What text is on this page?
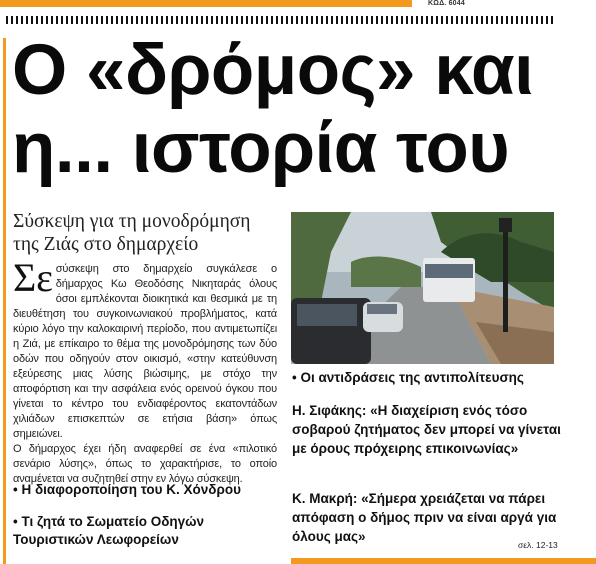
ΚΩΔ. 6044
Ο «δρόμος» και
η... ιστορία του
Σύσκεψη για τη μονοδρόμηση της Ζιάς στο δημαρχείο

Σε σύσκεψη στο δημαρχείο συγκάλεσε ο δήμαρχος Κω Θεοδόσης Νικηταράς όλους όσοι εμπλέκονται διοικητικά και θεσμικά με τη διευθέτηση του συγκοινωνιακού προβλήματος, κατά κύριο λόγο την καλοκαιρινή περίοδο, που αντιμετωπίζει η Ζιά, με επίκαιρο το θέμα της μονοδρόμησης των δύο οδών που οδηγούν στον οικισμό, «στην κατεύθυνση εξεύρεσης μιας λύσης βιώσιμης, με στόχο την αποφόρτιση και την ασφάλεια ενός ορεινού όγκου που γίνεται το κέντρο του ενδιαφέροντος εκατοντάδων χιλιάδων επισκεπτών σε ετήσια βάση» όπως σημειώνει.

Ο δήμαρχος έχει ήδη αναφερθεί σε ένα «πιλοτικό σενάριο λύσης», όπως το χαρακτήρισε, το οποίο αναμένεται να συζητηθεί στην εν λόγω σύσκεψη.

• Η διαφοροποίηση του Κ. Χόνδρου
• Τι ζητά το Σωματείο Οδηγών Τουριστικών Λεωφορείων
• Οι αντιδράσεις της αντιπολίτευσης
Η. Σιφάκης: «Η διαχείριση ενός τόσο σοβαρού ζητήματος δεν μπορεί να γίνεται με όρους πρόχειρης επικοινωνίας»
Κ. Μακρή: «Σήμερα χρειάζεται να πάρει απόφαση ο δήμος πριν να είναι αργά για όλους μας»
σελ. 12-13
